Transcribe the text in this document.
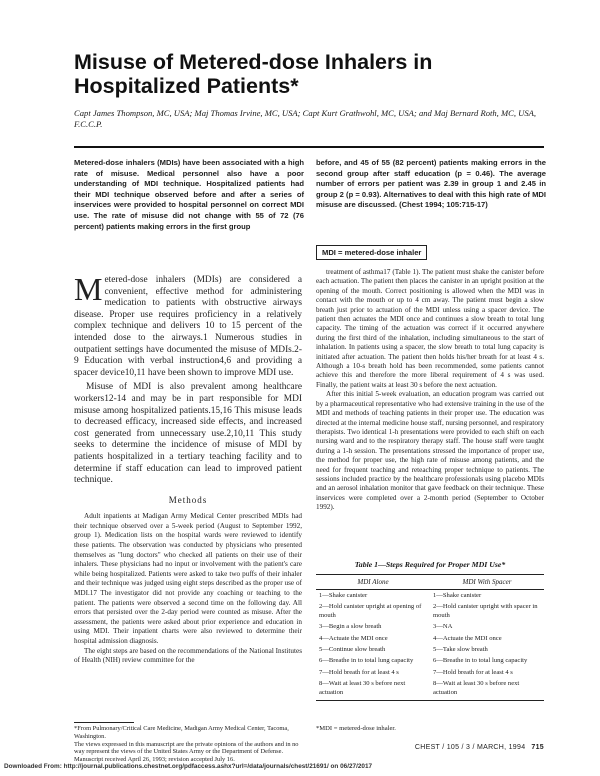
Misuse of Metered-dose Inhalers in Hospitalized Patients*
Capt James Thompson, MC, USA; Maj Thomas Irvine, MC, USA; Capt Kurt Grathwohl, MC, USA; and Maj Bernard Roth, MC, USA, F.C.C.P.
Metered-dose inhalers (MDIs) have been associated with a high rate of misuse. Medical personnel also have a poor understanding of MDI technique. Hospitalized patients had their MDI technique observed before and after a series of inservices were provided to hospital personnel on correct MDI use. The rate of misuse did not change with 55 of 72 (76 percent) patients making errors in the first group
before, and 45 of 55 (82 percent) patients making errors in the second group after staff education (p = 0.46). The average number of errors per patient was 2.39 in group 1 and 2.45 in group 2 (p = 0.93). Alternatives to deal with this high rate of MDI misuse are discussed. (Chest 1994; 105:715-17)
MDI = metered-dose inhaler

Metered-dose inhalers (MDIs) are considered a convenient, effective method for administering medication to patients with obstructive airways disease. Proper use requires proficiency in a relatively complex technique and delivers 10 to 15 percent of the intended dose to the airways.1 Numerous studies in outpatient settings have documented the misuse of MDIs.2-9 Education with verbal instruction4,6 and providing a spacer device10,11 have been shown to improve MDI use.

Misuse of MDI is also prevalent among healthcare workers12-14 and may be in part responsible for MDI misuse among hospitalized patients.15,16 This misuse leads to decreased efficacy, increased side effects, and increased cost generated from unnecessary use.2,10,11 This study seeks to determine the incidence of misuse of MDI by patients hospitalized in a tertiary teaching facility and to determine if staff education can lead to improved patient technique.

Methods

Adult inpatients at Madigan Army Medical Center prescribed MDIs had their technique observed over a 5-week period (August to September 1992, group 1). Medication lists on the hospital wards were reviewed to identify these patients. The observation was conducted by physicians who presented themselves as "lung doctors" who checked all patients on their use of their inhalers. These physicians had no input or involvement with the patient's care while being hospitalized. Patients were asked to take two puffs of their inhaler and their technique was judged using eight steps described as the proper use of MDI.17 The investigator did not provide any coaching or teaching to the patient. The patients were observed a second time on the following day. All errors that persisted over the 2-day period were counted as misuse. After the assessment, the patients were asked about prior experience and education in using MDI. Their inpatient charts were also reviewed to determine their hospital admission diagnosis.

The eight steps are based on the recommendations of the National Institutes of Health (NIH) review committee for the

*From Pulmonary/Critical Care Medicine, Madigan Army Medical Center, Tacoma, Washington.

The views expressed in this manuscript are the private opinions of the authors and in no way represent the views of the United States Army or the Department of Defense.

Manuscript received April 26, 1993; revision accepted July 16.

treatment of asthma17 (Table 1). The patient must shake the canister before each actuation. The patient then places the canister in an upright position at the opening of the mouth. Correct positioning is allowed when the MDI was in contact with the mouth or up to 4 cm away. The patient must begin a slow breath just prior to actuation of the MDI unless using a spacer device. The patient then actuates the MDI once and continues a slow breath to total lung capacity. The timing of the actuation was correct if it occurred anywhere during the first third of the inhalation, including simultaneous to the start of inhalation. In patients using a spacer, the slow breath to total lung capacity is initiated after actuation. The patient then holds his/her breath for at least 4 s. Although a 10-s breath hold has been recommended, some patients cannot achieve this and therefore the more liberal requirement of 4 s was used. Finally, the patient waits at least 30 s before the next actuation.

After this initial 5-week evaluation, an education program was carried out by a pharmaceutical representative who had extensive training in the use of the MDI and methods of teaching patients in their proper use. The education was directed at the internal medicine house staff, nursing personnel, and respiratory therapists. Two identical 1-h presentations were provided to each shift on each nursing ward and to the respiratory therapy staff. The house staff were taught during a 1-h session. The presentations stressed the importance of proper use, the method for proper use, the high rate of misuse among patients, and the need for frequent teaching and reteaching proper technique to patients. The sessions included practice by the healthcare professionals using placebo MDIs and an aerosol inhalation monitor that gave feedback on their technique. These inservices were completed over a 2-month period (September to October 1992).

Table 1—Steps Required for Proper MDI Use*
MDI Alone	MDI With Spacer
1—Shake canister	1—Shake canister
2—Hold canister upright at opening of mouth	2—Hold canister upright with spacer in mouth
3—Begin a slow breath	3—NA
4—Actuate the MDI once	4—Actuate the MDI once
5—Continue slow breath	5—Take slow breath
6—Breathe in to total lung capacity	6—Breathe in to total lung capacity
7—Hold breath for at least 4 s	7—Hold breath for at least 4 s
8—Wait at least 30 s before next actuation	8—Wait at least 30 s before next actuation
*MDI = metered-dose inhaler.
CHEST / 105 / 3 / MARCH, 1994 715
Downloaded From: http://journal.publications.chestnet.org/pdfaccess.ashx?url=/data/journals/chest/21691/ on 06/27/2017
